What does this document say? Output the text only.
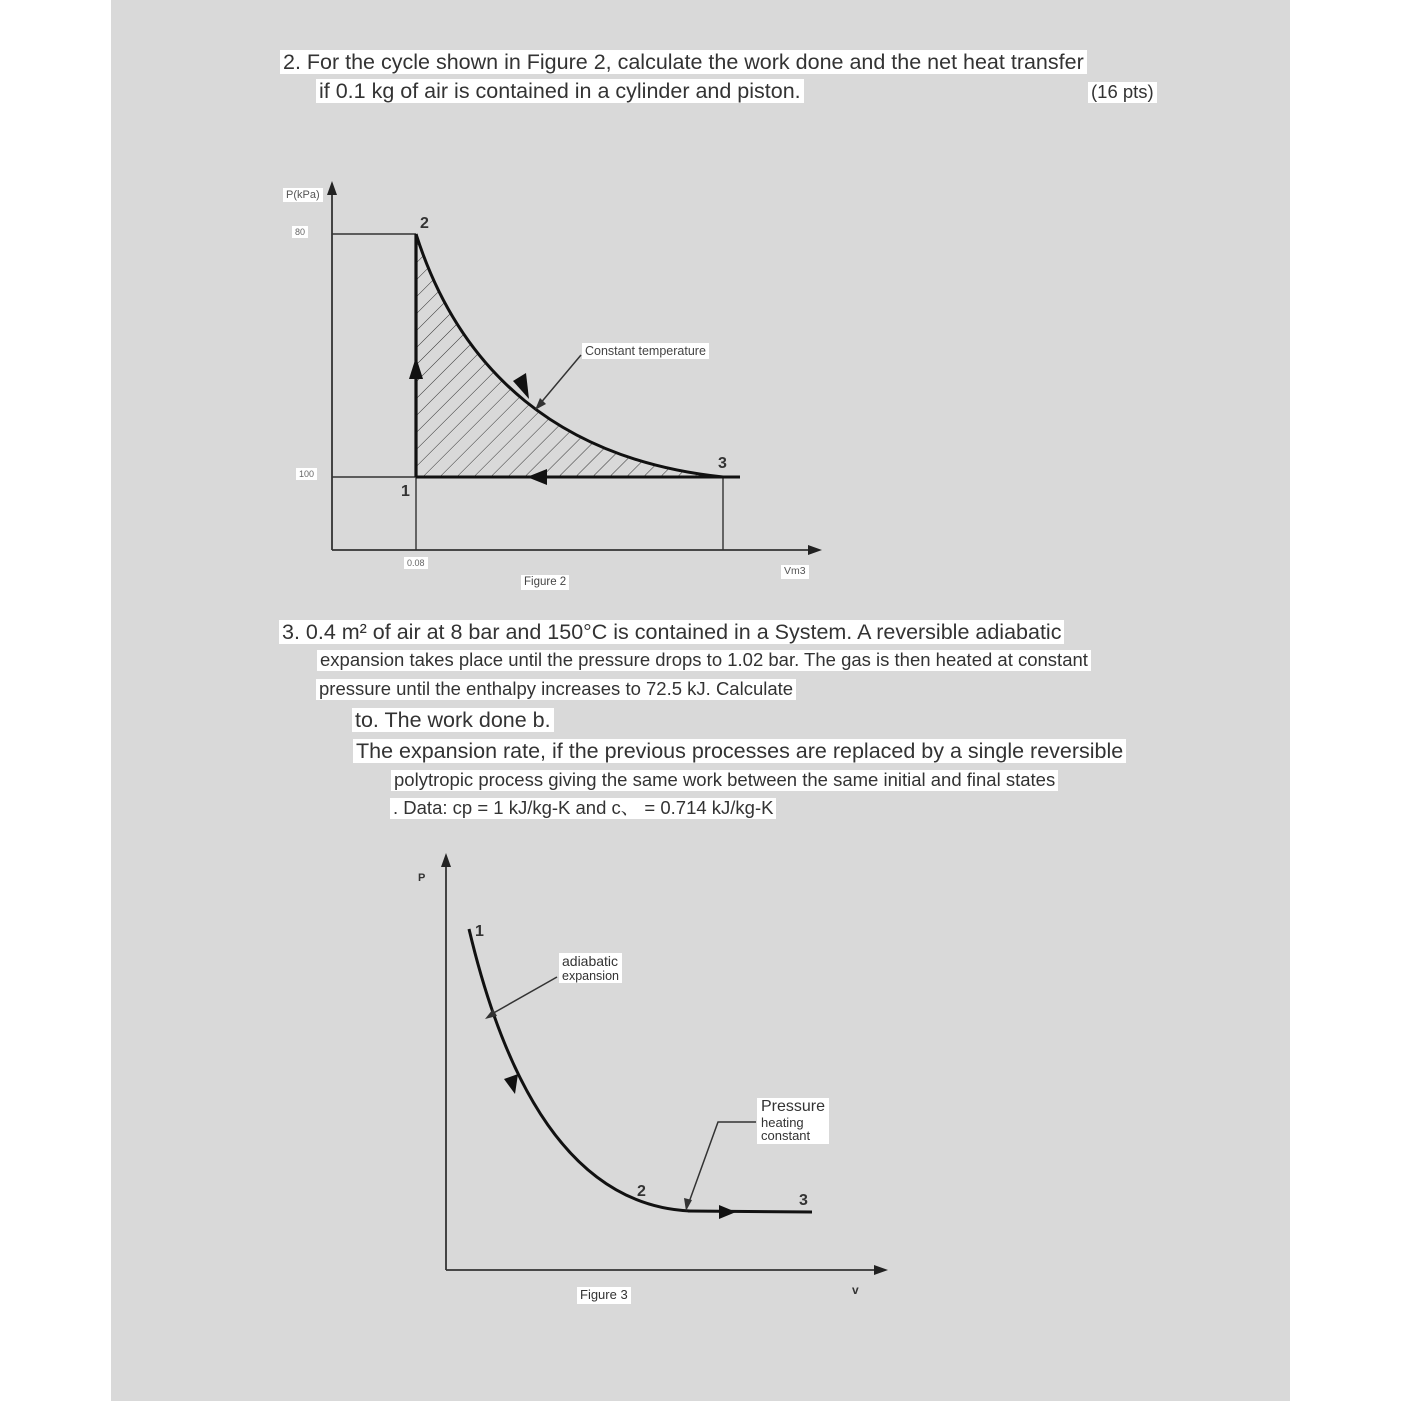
2. For the cycle shown in Figure 2, calculate the work done and the net heat transfer
if 0.1 kg of air is contained in a cylinder and piston.	(16 pts)
2
1
3
P(kPa)
80
100
0.08
Vm3
Figure 2
Constant temperature
3. 0.4 m² of air at 8 bar and 150°C is contained in a System. A reversible adiabatic
expansion takes place until the pressure drops to 1.02 bar. The gas is then heated at constant
pressure until the enthalpy increases to 72.5 kJ. Calculate
to. The work done b.
The expansion rate, if the previous processes are replaced by a single reversible
polytropic process giving the same work between the same initial and final states
. Data: cp = 1 kJ/kg-K and c、 = 0.714 kJ/kg-K
1
2
3
P
v
adiabatic
expansion
Pressure
heating
constant
Figure 3
